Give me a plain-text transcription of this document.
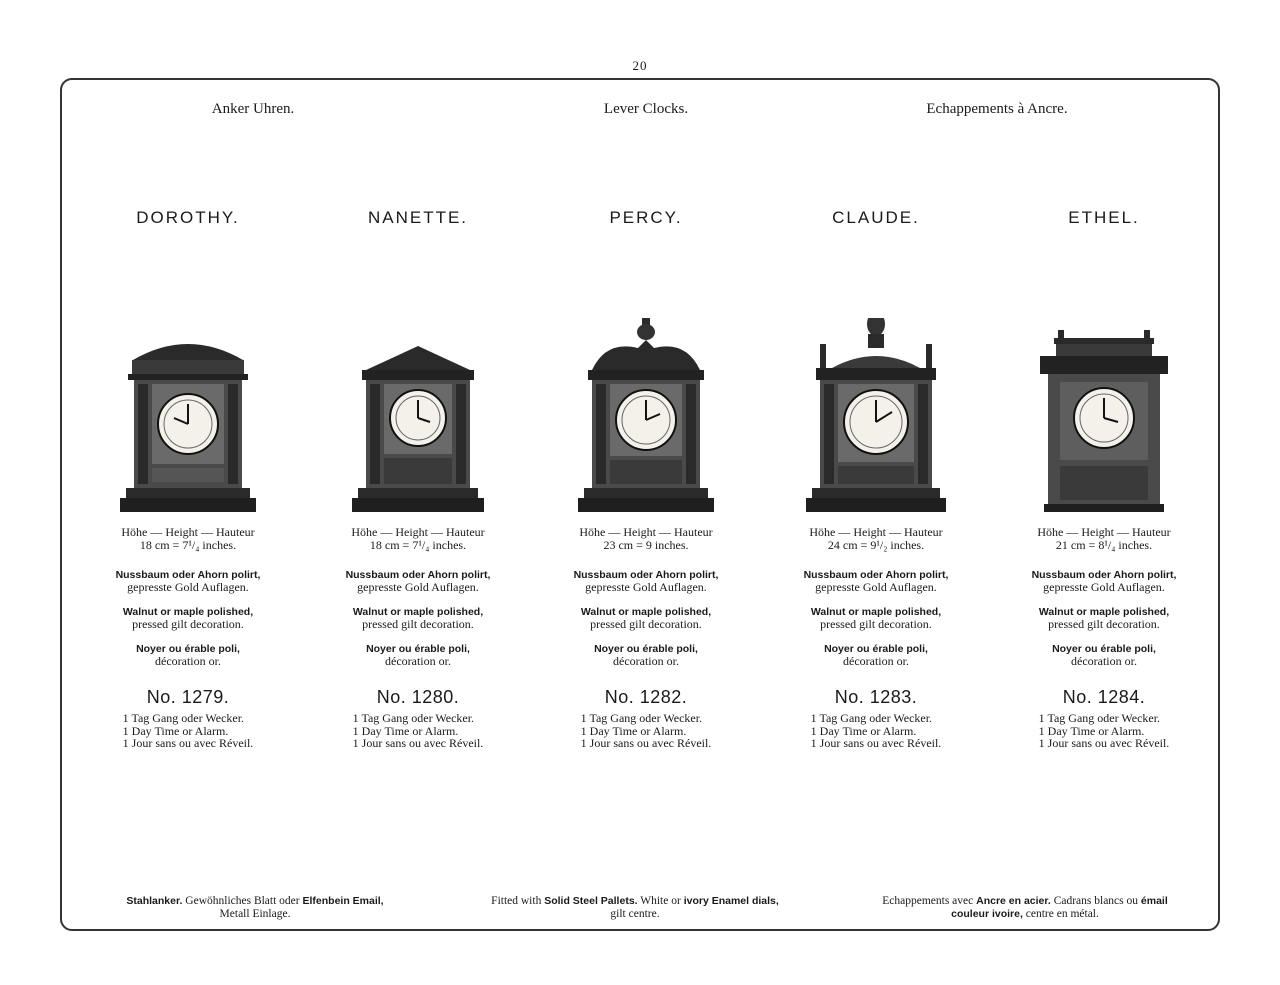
20
Anker Uhren.	Lever Clocks.	Echappements à Ancre.
DOROTHY.
Höhe — Height — Hauteur
18 cm = 7¹/₄ inches.
Nussbaum oder Ahorn polirt,
gepresste Gold Auflagen.
Walnut or maple polished,
pressed gilt decoration.
Noyer ou érable poli,
décoration or.
No. 1279.
1 Tag Gang oder Wecker.
1 Day Time or Alarm.
1 Jour sans ou avec Réveil.
NANETTE.
Höhe — Height — Hauteur
18 cm = 7¹/₄ inches.
Nussbaum oder Ahorn polirt,
gepresste Gold Auflagen.
Walnut or maple polished,
pressed gilt decoration.
Noyer ou érable poli,
décoration or.
No. 1280.
1 Tag Gang oder Wecker.
1 Day Time or Alarm.
1 Jour sans ou avec Réveil.
PERCY.
Höhe — Height — Hauteur
23 cm = 9 inches.
Nussbaum oder Ahorn polirt,
gepresste Gold Auflagen.
Walnut or maple polished,
pressed gilt decoration.
Noyer ou érable poli,
décoration or.
No. 1282.
1 Tag Gang oder Wecker.
1 Day Time or Alarm.
1 Jour sans ou avec Réveil.
CLAUDE.
Höhe — Height — Hauteur
24 cm = 9¹/₂ inches.
Nussbaum oder Ahorn polirt,
gepresste Gold Auflagen.
Walnut or maple polished,
pressed gilt decoration.
Noyer ou érable poli,
décoration or.
No. 1283.
1 Tag Gang oder Wecker.
1 Day Time or Alarm.
1 Jour sans ou avec Réveil.
ETHEL.
Höhe — Height — Hauteur
21 cm = 8¹/₄ inches.
Nussbaum oder Ahorn polirt,
gepresste Gold Auflagen.
Walnut or maple polished,
pressed gilt decoration.
Noyer ou érable poli,
décoration or.
No. 1284.
1 Tag Gang oder Wecker.
1 Day Time or Alarm.
1 Jour sans ou avec Réveil.
Stahlanker. Gewöhnliches Blatt oder Elfenbein Email,
Metall Einlage.
Fitted with Solid Steel Pallets. White or ivory Enamel dials,
gilt centre.
Echappements avec Ancre en acier. Cadrans blancs ou émail
couleur ivoire, centre en métal.
